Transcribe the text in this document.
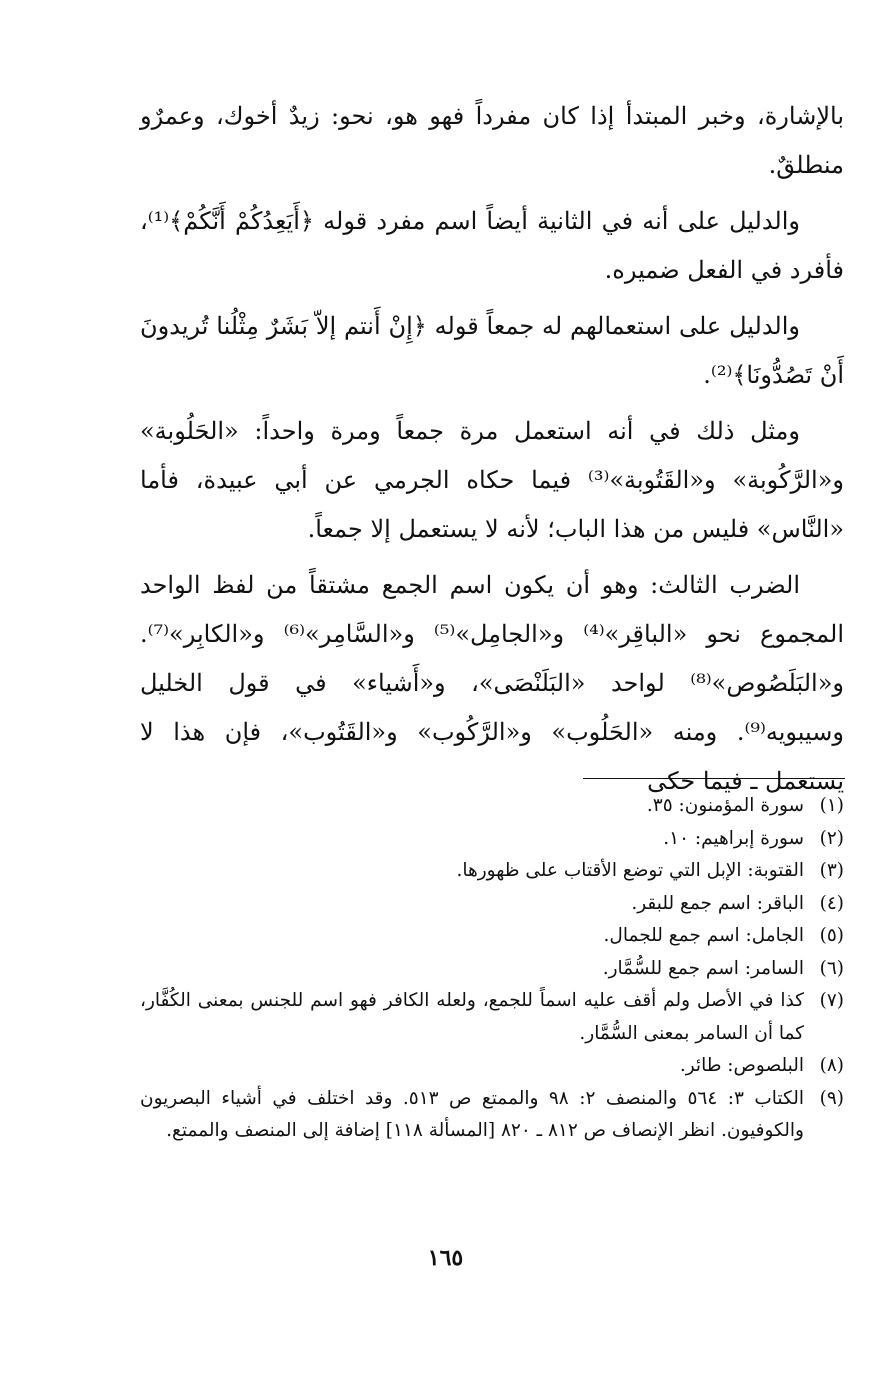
بالإشارة، وخبر المبتدأ إذا كان مفرداً فهو هو، نحو: زيدٌ أخوك، وعمرٌو منطلقٌ.

والدليل على أنه في الثانية أيضاً اسم مفرد قوله ﴿أَيَعِدُكُمْ أَنَّكُمْ﴾⁽¹⁾، فأفرد في الفعل ضميره.

والدليل على استعمالهم له جمعاً قوله ﴿إِنْ أَنتم إلاّ بَشَرٌ مِثْلُنا تُريدونَ أَنْ تَصُدُّونَا﴾⁽²⁾.

ومثل ذلك في أنه استعمل مرة جمعاً ومرة واحداً: «الحَلُوبة» و«الرَّكُوبة» و«القَتُوبة»⁽³⁾ فيما حكاه الجرمي عن أبي عبيدة، فأما «النَّاس» فليس من هذا الباب؛ لأنه لا يستعمل إلا جمعاً.

الضرب الثالث: وهو أن يكون اسم الجمع مشتقاً من لفظ الواحد المجموع نحو «الباقِر»⁽⁴⁾ و«الجامِل»⁽⁵⁾ و«السَّامِر»⁽⁶⁾ و«الكابِر»⁽⁷⁾. و«البَلَصُوص»⁽⁸⁾ لواحد «البَلَنْصَى»، و«أَشياء» في قول الخليل وسيبويه⁽⁹⁾. ومنه «الحَلُوب» و«الرَّكُوب» و«القَتُوب»، فإن هذا لا يستعمل ـ فيما حكى

(١)
سورة المؤمنون: ٣٥.
(٢)
سورة إبراهيم: ١٠.
(٣)
القتوبة: الإبل التي توضع الأقتاب على ظهورها.
(٤)
الباقر: اسم جمع للبقر.
(٥)
الجامل: اسم جمع للجمال.
(٦)
السامر: اسم جمع للسُّمَّار.
(٧)
كذا في الأصل ولم أقف عليه اسماً للجمع، ولعله الكافر فهو اسم للجنس بمعنى الكُفَّار، كما أن السامر بمعنى السُّمَّار.
(٨)
البلصوص: طائر.
(٩)
الكتاب ٣: ٥٦٤ والمنصف ٢: ٩٨ والممتع ص ٥١٣. وقد اختلف في أشياء البصريون والكوفيون. انظر الإنصاف ص ٨١٢ ـ ٨٢٠ [المسألة ١١٨] إضافة إلى المنصف والممتع.
١٦٥
